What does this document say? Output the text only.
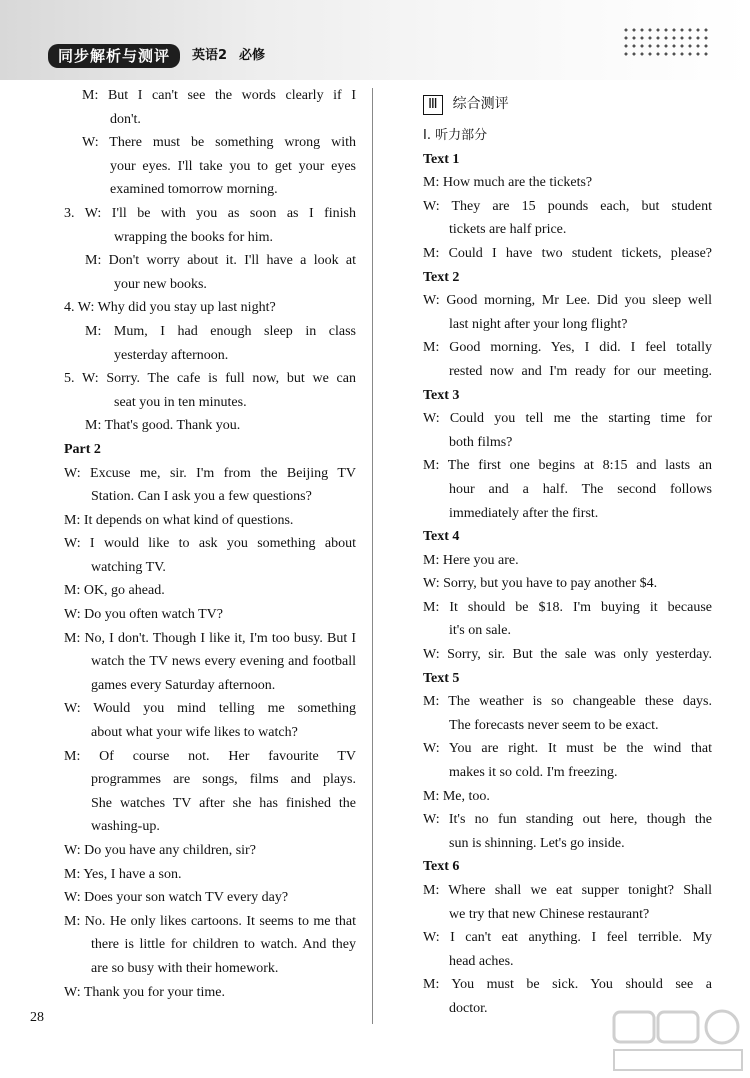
同步解析与测评	英语2 必修
M: But I can't see the words clearly if I
don't.
W: There must be something wrong with
your eyes. I'll take you to get your eyes
examined tomorrow morning.
3. W: I'll be with you as soon as I finish
wrapping the books for him.
M: Don't worry about it. I'll have a look at
your new books.
4. W: Why did you stay up last night?
M: Mum, I had enough sleep in class
yesterday afternoon.
5. W: Sorry. The cafe is full now, but we can
seat you in ten minutes.
M: That's good. Thank you.
Part 2
W: Excuse me, sir. I'm from the Beijing TV
Station. Can I ask you a few questions?
M: It depends on what kind of questions.
W: I would like to ask you something about
watching TV.
M: OK, go ahead.
W: Do you often watch TV?
M: No, I don't. Though I like it, I'm too busy. But I
watch the TV news every evening and football
games every Saturday afternoon.
W: Would you mind telling me something
about what your wife likes to watch?
M: Of course not. Her favourite TV
programmes are songs, films and plays.
She watches TV after she has finished the
washing-up.
W: Do you have any children, sir?
M: Yes, I have a son.
W: Does your son watch TV every day?
M: No. He only likes cartoons. It seems to me that
there is little for children to watch. And they
are so busy with their homework.
W: Thank you for your time.
Ⅲ 综合测评
Ⅰ. 听力部分
Text 1
M: How much are the tickets?
W: They are 15 pounds each, but student
tickets are half price.
M: Could I have two student tickets, please?
Text 2
W: Good morning, Mr Lee. Did you sleep well
last night after your long flight?
M: Good morning. Yes, I did. I feel totally
rested now and I'm ready for our meeting.
Text 3
W: Could you tell me the starting time for
both films?
M: The first one begins at 8:15 and lasts an
hour and a half. The second follows
immediately after the first.
Text 4
M: Here you are.
W: Sorry, but you have to pay another $4.
M: It should be $18. I'm buying it because
it's on sale.
W: Sorry, sir. But the sale was only yesterday.
Text 5
M: The weather is so changeable these days.
The forecasts never seem to be exact.
W: You are right. It must be the wind that
makes it so cold. I'm freezing.
M: Me, too.
W: It's no fun standing out here, though the
sun is shinning. Let's go inside.
Text 6
M: Where shall we eat supper tonight? Shall
we try that new Chinese restaurant?
W: I can't eat anything. I feel terrible. My
head aches.
M: You must be sick. You should see a
doctor.
28
